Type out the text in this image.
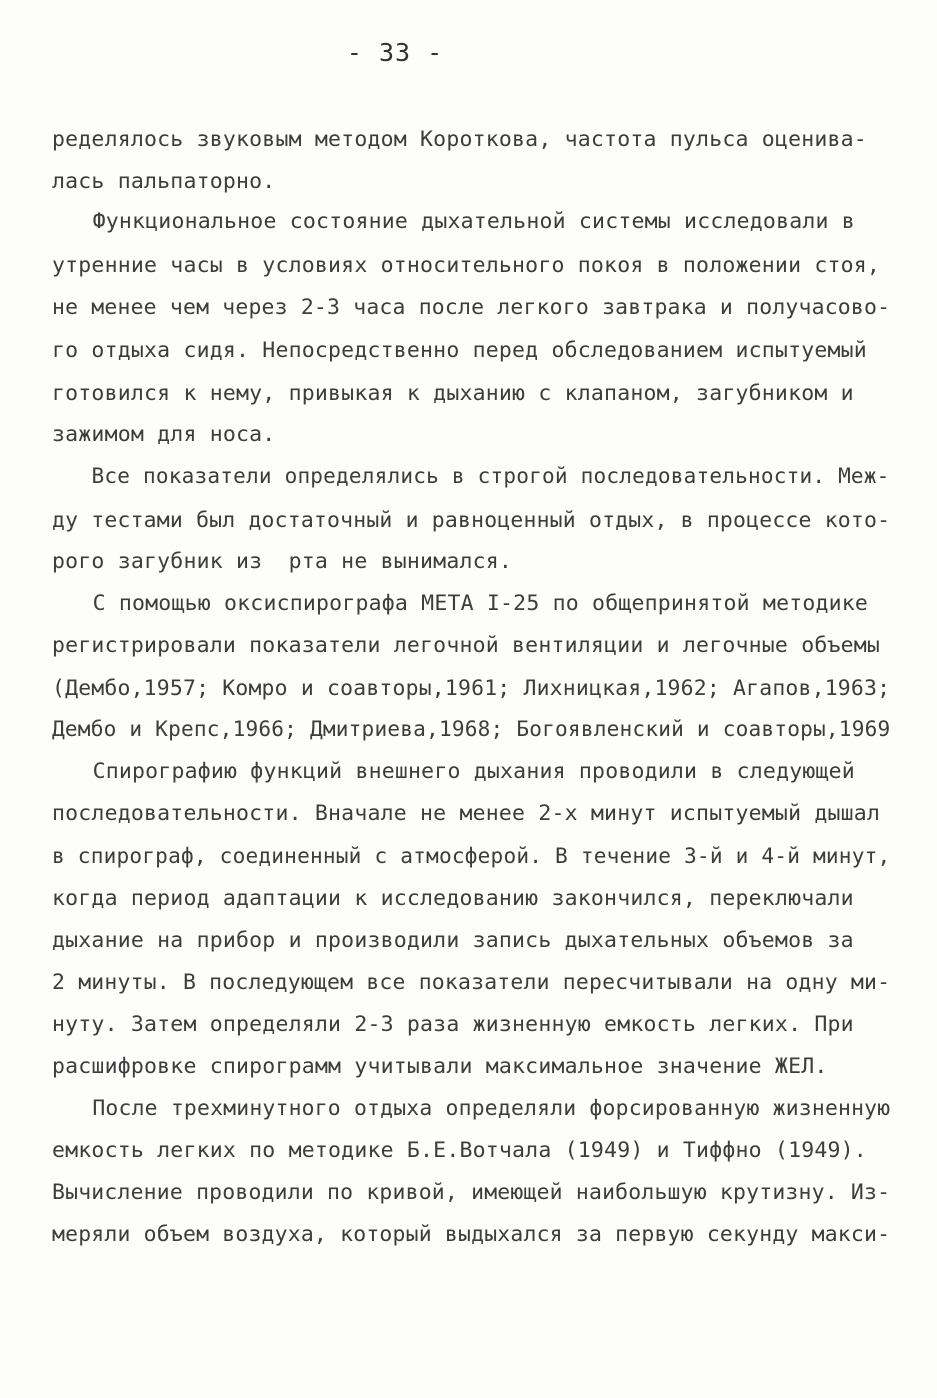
- 33 -
ределялось звуковым методом Короткова, частота пульса оценива-
лась пальпаторно.
Функциональное состояние дыхательной системы исследовали в
утренние часы в условиях относительного покоя в положении стоя,
не менее чем через 2-3 часа после легкого завтрака и получасово-
го отдыха сидя. Непосредственно перед обследованием испытуемый
готовился к нему, привыкая к дыханию с клапаном, загубником и
зажимом для носа.
Все показатели определялись в строгой последовательности. Меж-
ду тестами был достаточный и равноценный отдых, в процессе кото-
рого загубник из  рта не вынимался.
С помощью оксиспирографа МЕТА I-25 по общепринятой методике
регистрировали показатели легочной вентиляции и легочные объемы
(Дембо,1957; Комро и соавторы,1961; Лихницкая,1962; Агапов,1963;
Дембо и Крепс,1966; Дмитриева,1968; Богоявленский и соавторы,1969
Спирографию функций внешнего дыхания проводили в следующей
последовательности. Вначале не менее 2-х минут испытуемый дышал
в спирограф, соединенный с атмосферой. В течение 3-й и 4-й минут,
когда период адаптации к исследованию закончился, переключали
дыхание на прибор и производили запись дыхательных объемов за
2 минуты. В последующем все показатели пересчитывали на одну ми-
нуту. Затем определяли 2-3 раза жизненную емкость легких. При
расшифровке спирограмм учитывали максимальное значение ЖЕЛ.
После трехминутного отдыха определяли форсированную жизненную
емкость легких по методике Б.Е.Вотчала (1949) и Тиффно (1949).
Вычисление проводили по кривой, имеющей наибольшую крутизну. Из-
меряли объем воздуха, который выдыхался за первую секунду макси-
